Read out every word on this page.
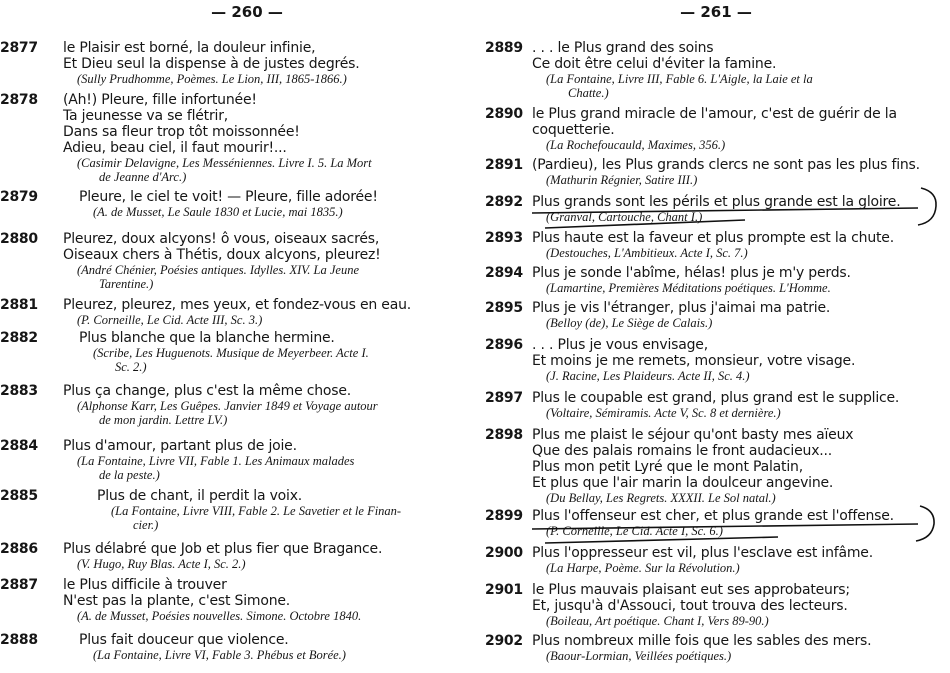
— 260 —	— 261 —
2877 le Plaisir est borné, la douleur infinie,
Et Dieu seul la dispense à de justes degrés.
(Sully Prudhomme, Poèmes. Le Lion, III, 1865-1866.)
2878 (Ah!) Pleure, fille infortunée!
Ta jeunesse va se flétrir,
Dans sa fleur trop tôt moissonnée!
Adieu, beau ciel, il faut mourir!...
(Casimir Delavigne, Les Messéniennes. Livre I. 5. La Mort
de Jeanne d'Arc.)
2879	Pleure, le ciel te voit! — Pleure, fille adorée!
(A. de Musset, Le Saule 1830 et Lucie, mai 1835.)
2880 Pleurez, doux alcyons! ô vous, oiseaux sacrés,
Oiseaux chers à Thétis, doux alcyons, pleurez!
(André Chénier, Poésies antiques. Idylles. XIV. La Jeune
Tarentine.)
2881 Pleurez, pleurez, mes yeux, et fondez-vous en eau.
(P. Corneille, Le Cid. Acte III, Sc. 3.)
2882	Plus blanche que la blanche hermine.
(Scribe, Les Huguenots. Musique de Meyerbeer. Acte I.
Sc. 2.)
2883 Plus ça change, plus c'est la même chose.
(Alphonse Karr, Les Guêpes. Janvier 1849 et Voyage autour
de mon jardin. Lettre LV.)
2884 Plus d'amour, partant plus de joie.
(La Fontaine, Livre VII, Fable 1. Les Animaux malades
de la peste.)
2885	Plus de chant, il perdit la voix.
(La Fontaine, Livre VIII, Fable 2. Le Savetier et le Finan-
cier.)
2886 Plus délabré que Job et plus fier que Bragance.
(V. Hugo, Ruy Blas. Acte I, Sc. 2.)
2887 le Plus difficile à trouver
N'est pas la plante, c'est Simone.
(A. de Musset, Poésies nouvelles. Simone. Octobre 1840.
2888	Plus fait douceur que violence.
(La Fontaine, Livre VI, Fable 3. Phébus et Borée.)
2889 . . . le Plus grand des soins
Ce doit être celui d'éviter la famine.
(La Fontaine, Livre III, Fable 6. L'Aigle, la Laie et la
Chatte.)
2890 le Plus grand miracle de l'amour, c'est de guérir de la
coquetterie.
(La Rochefoucauld, Maximes, 356.)
2891 (Pardieu), les Plus grands clercs ne sont pas les plus fins.
(Mathurin Régnier, Satire III.)
2892 Plus grands sont les périls et plus grande est la gloire.
(Granval, Cartouche, Chant I.)
2893 Plus haute est la faveur et plus prompte est la chute.
(Destouches, L'Ambitieux. Acte I, Sc. 7.)
2894 Plus je sonde l'abîme, hélas! plus je m'y perds.
(Lamartine, Premières Méditations poétiques. L'Homme.
2895 Plus je vis l'étranger, plus j'aimai ma patrie.
(Belloy (de), Le Siège de Calais.)
2896 . . . Plus je vous envisage,
Et moins je me remets, monsieur, votre visage.
(J. Racine, Les Plaideurs. Acte II, Sc. 4.)
2897 Plus le coupable est grand, plus grand est le supplice.
(Voltaire, Sémiramis. Acte V, Sc. 8 et dernière.)
2898 Plus me plaist le séjour qu'ont basty mes aïeux
Que des palais romains le front audacieux...
Plus mon petit Lyré que le mont Palatin,
Et plus que l'air marin la doulceur angevine.
(Du Bellay, Les Regrets. XXXII. Le Sol natal.)
2899 Plus l'offenseur est cher, et plus grande est l'offense.
(P. Corneille, Le Cid. Acte I, Sc. 6.)
2900 Plus l'oppresseur est vil, plus l'esclave est infâme.
(La Harpe, Poème. Sur la Révolution.)
2901 le Plus mauvais plaisant eut ses approbateurs;
Et, jusqu'à d'Assouci, tout trouva des lecteurs.
(Boileau, Art poétique. Chant I, Vers 89-90.)
2902 Plus nombreux mille fois que les sables des mers.
(Baour-Lormian, Veillées poétiques.)
